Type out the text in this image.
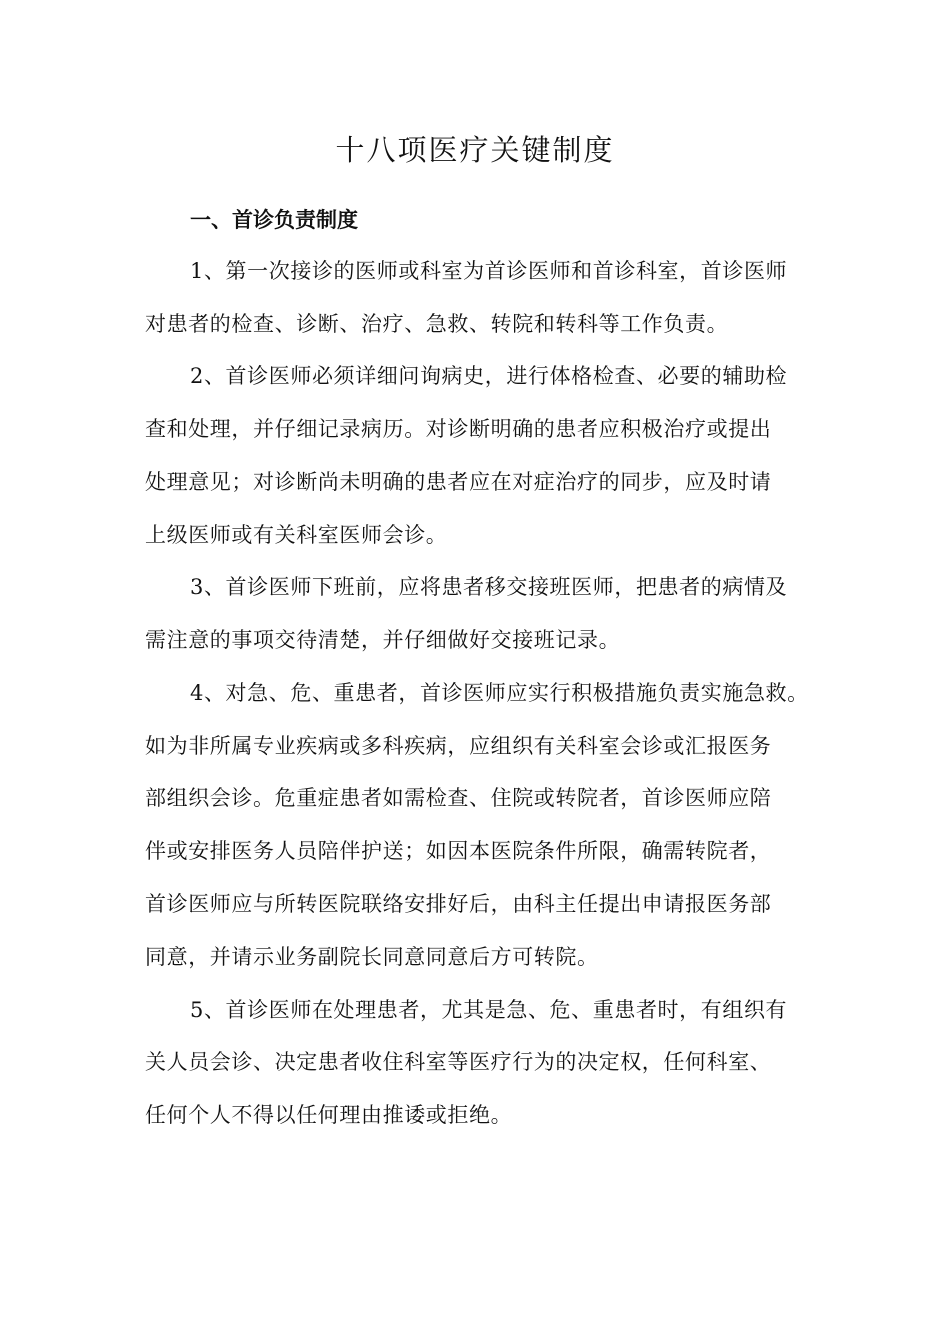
十八项医疗关键制度
一、首诊负责制度
1、第一次接诊的医师或科室为首诊医师和首诊科室，首诊医师
对患者的检查、诊断、治疗、急救、转院和转科等工作负责。
2、首诊医师必须详细问询病史，进行体格检查、必要的辅助检
查和处理，并仔细记录病历。对诊断明确的患者应积极治疗或提出
处理意见；对诊断尚未明确的患者应在对症治疗的同步，应及时请
上级医师或有关科室医师会诊。
3、首诊医师下班前，应将患者移交接班医师，把患者的病情及
需注意的事项交待清楚，并仔细做好交接班记录。
4、对急、危、重患者，首诊医师应实行积极措施负责实施急救。
如为非所属专业疾病或多科疾病，应组织有关科室会诊或汇报医务
部组织会诊。危重症患者如需检查、住院或转院者，首诊医师应陪
伴或安排医务人员陪伴护送；如因本医院条件所限，确需转院者，
首诊医师应与所转医院联络安排好后，由科主任提出申请报医务部
同意，并请示业务副院长同意同意后方可转院。
5、首诊医师在处理患者，尤其是急、危、重患者时，有组织有
关人员会诊、决定患者收住科室等医疗行为的决定权，任何科室、
任何个人不得以任何理由推诿或拒绝。
